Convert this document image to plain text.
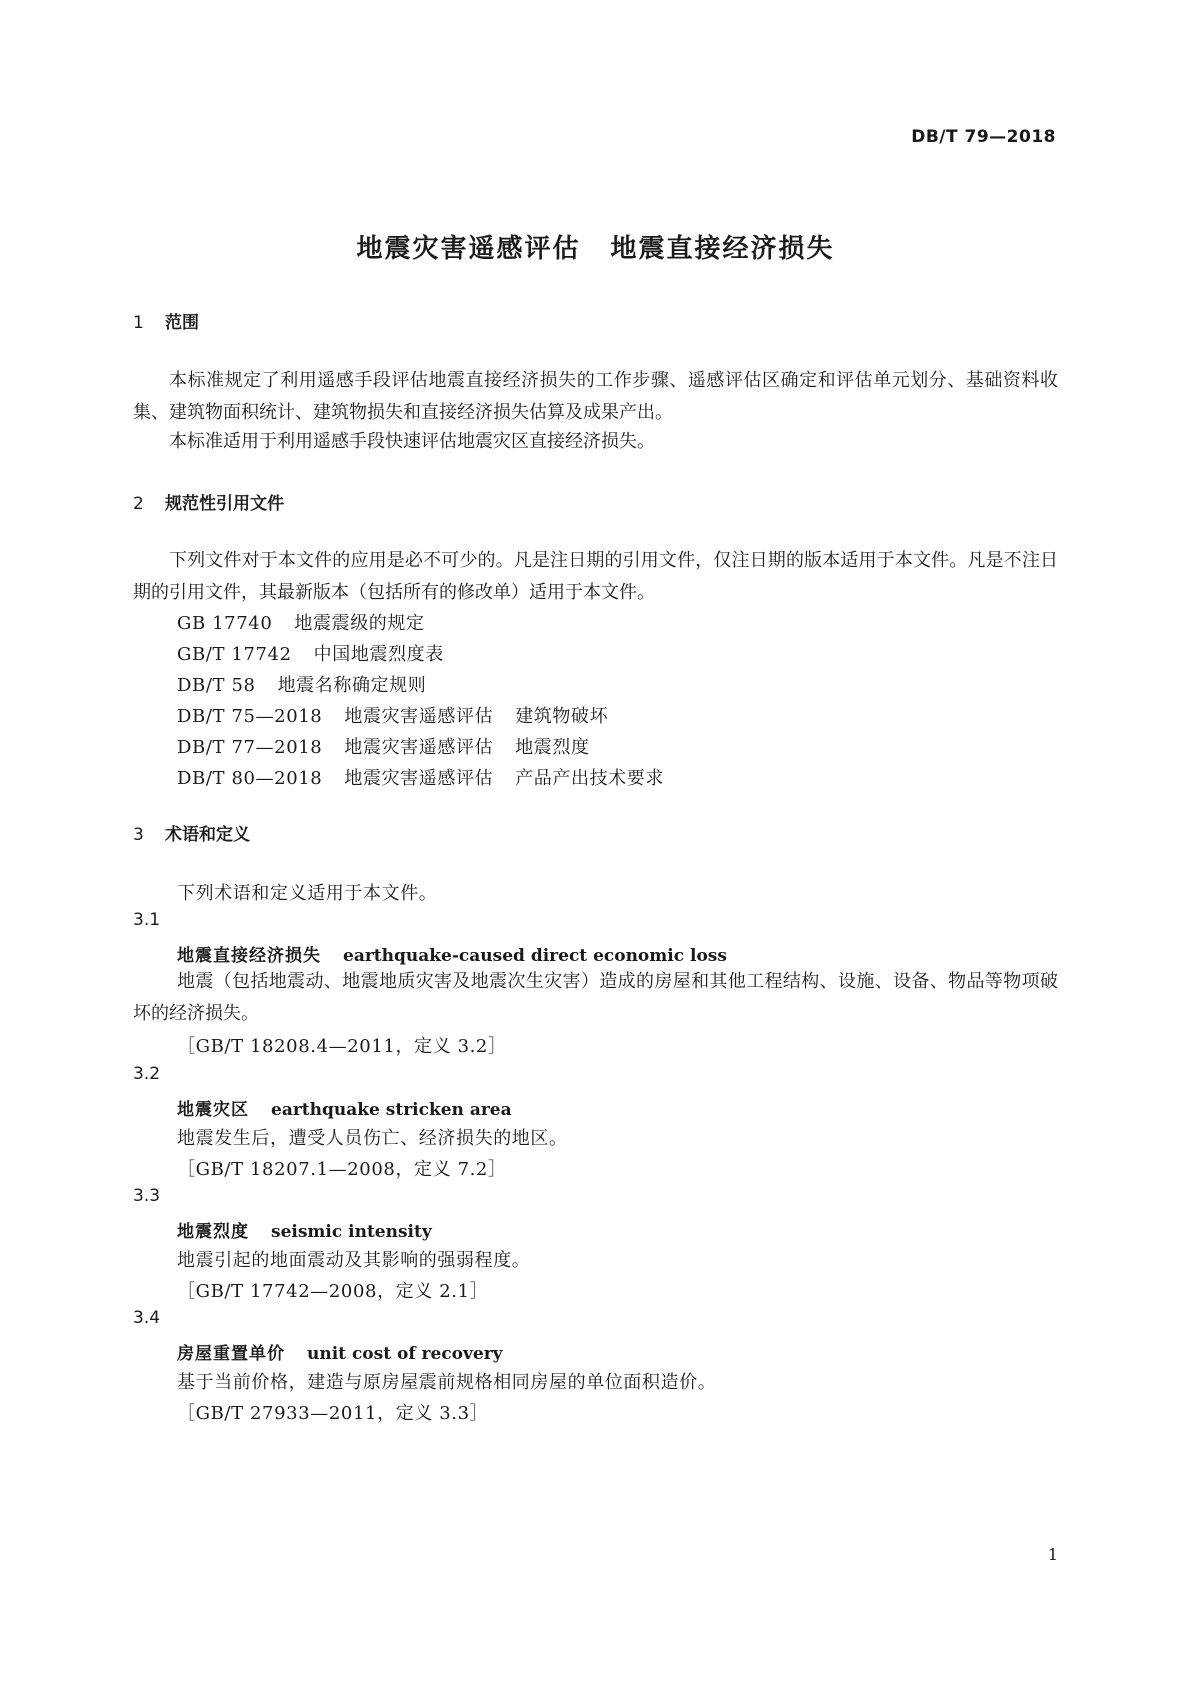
DB/T 79—2018
地震灾害遥感评估 地震直接经济损失
1 范围
本标准规定了利用遥感手段评估地震直接经济损失的工作步骤、遥感评估区确定和评估单元划分、基础资料收集、建筑物面积统计、建筑物损失和直接经济损失估算及成果产出。
本标准适用于利用遥感手段快速评估地震灾区直接经济损失。
2 规范性引用文件
下列文件对于本文件的应用是必不可少的。凡是注日期的引用文件，仅注日期的版本适用于本文件。凡是不注日期的引用文件，其最新版本（包括所有的修改单）适用于本文件。
GB 17740 地震震级的规定
GB/T 17742 中国地震烈度表
DB/T 58 地震名称确定规则
DB/T 75—2018 地震灾害遥感评估 建筑物破坏
DB/T 77—2018 地震灾害遥感评估 地震烈度
DB/T 80—2018 地震灾害遥感评估 产品产出技术要求
3 术语和定义
下列术语和定义适用于本文件。
3.1
地震直接经济损失 earthquake-caused direct economic loss
地震（包括地震动、地震地质灾害及地震次生灾害）造成的房屋和其他工程结构、设施、设备、物品等物项破坏的经济损失。
［GB/T 18208.4—2011，定义 3.2］
3.2
地震灾区 earthquake stricken area
地震发生后，遭受人员伤亡、经济损失的地区。
［GB/T 18207.1—2008，定义 7.2］
3.3
地震烈度 seismic intensity
地震引起的地面震动及其影响的强弱程度。
［GB/T 17742—2008，定义 2.1］
3.4
房屋重置单价 unit cost of recovery
基于当前价格，建造与原房屋震前规格相同房屋的单位面积造价。
［GB/T 27933—2011，定义 3.3］
1
